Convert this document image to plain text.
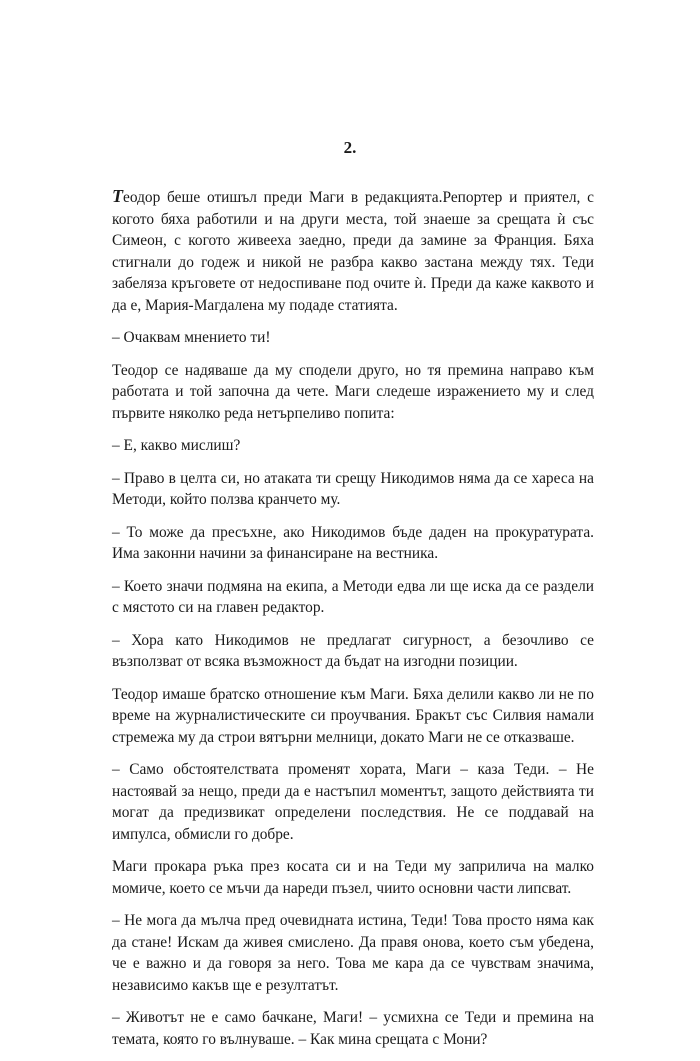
2.

Теодор беше отишъл преди Маги в редакцията.Репортер и приятел, с когото бяха работили и на други места, той знаеше за срещата ѝ със Симеон, с когото живееха заедно, преди да замине за Франция. Бяха стигнали до годеж и никой не разбра какво застана между тях. Теди забеляза кръговете от недоспиване под очите ѝ. Преди да каже каквото и да е, Мария-Магдалена му подаде статията.

– Очаквам мнението ти!

Теодор се надяваше да му сподели друго, но тя премина направо към работата и той започна да чете. Маги следеше изражението му и след първите няколко реда нетърпеливо попита:

– Е, какво мислиш?

– Право в целта си, но атаката ти срещу Никодимов няма да се хареса на Методи, който ползва кранчето му.

– То може да пресъхне, ако Никодимов бъде даден на прокуратурата. Има законни начини за финансиране на вестника.

– Което значи подмяна на екипа, а Методи едва ли ще иска да се раздели с мястото си на главен редактор.

– Хора като Никодимов не предлагат сигурност, а безочливо се възползват от всяка възможност да бъдат на изгодни позиции.

Теодор имаше братско отношение към Маги. Бяха делили какво ли не по време на журналистическите си проучвания. Бракът със Силвия намали стремежа му да строи вятърни мелници, докато Маги не се отказваше.

– Само обстоятелствата променят хората, Маги – каза Теди. – Не настоявай за нещо, преди да е настъпил моментът, защото действията ти могат да предизвикат определени последствия. Не се поддавай на импулса, обмисли го добре.

Маги прокара ръка през косата си и на Теди му заприлича на малко момиче, което се мъчи да нареди пъзел, чиито основни части липсват.

– Не мога да мълча пред очевидната истина, Теди! Това просто няма как да стане! Искам да живея смислено. Да правя онова, което съм убедена, че е важно и да говоря за него. Това ме кара да се чувствам значима, независимо какъв ще е резултатът.

– Животът не е само бачкане, Маги! – усмихна се Теди и премина на темата, която го вълнуваше. – Как мина срещата с Мони?
